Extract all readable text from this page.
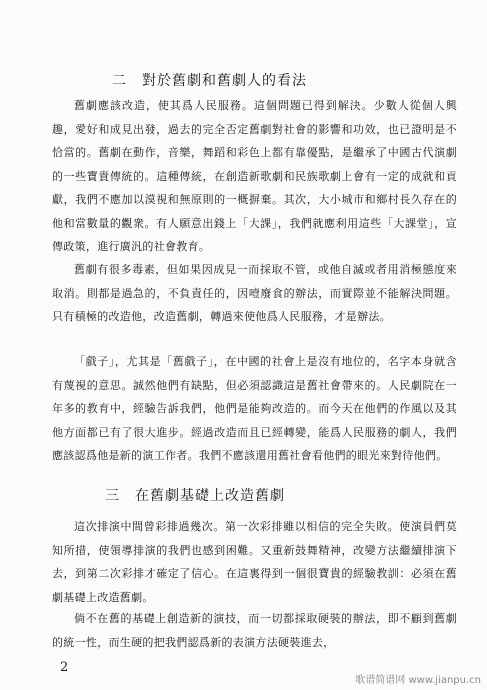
二　對於舊劇和舊劇人的看法

舊劇應該改造，使其爲人民服務。這個問題已得到解決。少數人從個人興趣，愛好和成見出發，過去的完全否定舊劇對社會的影響和功效，也已證明是不恰當的。舊劇在動作，音樂，舞蹈和彩色上都有靠優點，是繼承了中國古代演劇的一些寶貴傳統的。這種傳統，在創造新歌劇和民族歌劇上會有一定的成就和貢獻，我們不應加以漠視和無原則的一概摒棄。其次，大小城市和鄉村長久存在的他和當數量的觀衆。有人願意出錢上「大課」，我們就應利用這些「大課堂」，宣傳政策，進行廣汎的社會教育。

舊劇有很多毒素，但如果因成見一而採取不管，或他自滅或者用消極態度來取消。則都是過急的，不負責任的，因噎廢食的辦法，而實際並不能解決問題。只有積極的改造他，改造舊劇，轉過來使他爲人民服務，才是辦法。

「戲子」，尤其是「舊戲子」，在中國的社會上是沒有地位的，名字本身就含有蔑視的意思。誠然他們有缺點，但必須認識這是舊社會帶來的。人民劇院在一年多的教育中，經驗告訴我們，他們是能夠改造的。而今天在他們的作風以及其他方面都已有了很大進步。經過改造而且已經轉變，能爲人民服務的劇人，我們應該認爲他是新的演工作者。我們不應該還用舊社會看他們的眼光來對待他們。

三　在舊劇基礎上改造舊劇

這次排演中間曾彩排過幾次。第一次彩排雖以相信的完全失敗。使演員們莫知所措，使領導排演的我們也感到困難。又重新鼓舞精神，改變方法繼續排演下去，到第二次彩排才確定了信心。在這裏得到一個很寶貴的經驗教訓：必須在舊劇基礎上改造舊劇。

倘不在舊的基礎上創造新的演技，而一切都採取硬裝的辦法，即不顧到舊劇的統一性，而生硬的把我們認爲新的表演方法硬裝進去，

2
歌谱简谱网 www.jianpu.cn
